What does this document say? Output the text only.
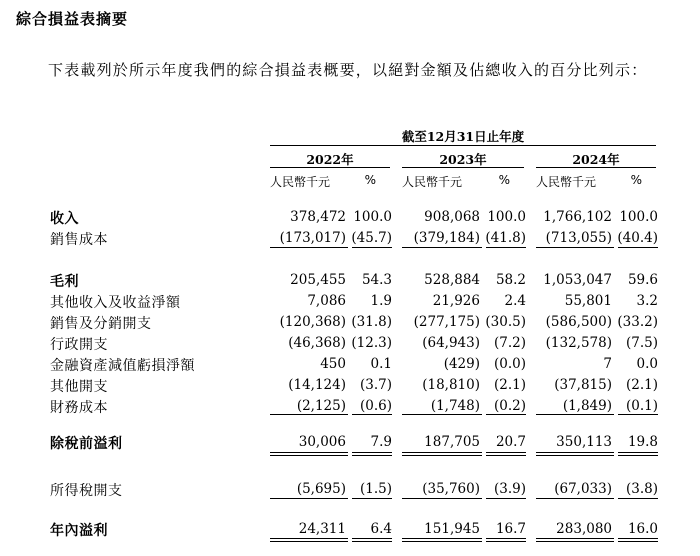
綜合損益表摘要
下表載列於所示年度我們的綜合損益表概要，以絕對金額及佔總收入的百分比列示：
截至12月31日止年度
2022年	2023年	2024年
人民幣千元	% 人民幣千元	% 人民幣千元	%
收入	378,472 100.0 908,068 100.0 1,766,102 100.0
銷售成本	(173,017) (45.7) (379,184) (41.8) (713,055) (40.4)
毛利	205,455 54.3 528,884 58.2 1,053,047 59.6
其他收入及收益淨額	7,086 1.9	21,926 2.4	55,801 3.2
銷售及分銷開支	(120,368) (31.8) (277,175) (30.5) (586,500) (33.2)
行政開支	(46,368) (12.3) (64,943) (7.2) (132,578) (7.5)
金融資產減值虧損淨額	450 0.1	(429) (0.0)	7 0.0
其他開支	(14,124) (3.7) (18,810) (2.1) (37,815) (2.1)
財務成本	(2,125) (0.6)	(1,748) (0.2)	(1,849) (0.1)
除稅前溢利	30,006 7.9 187,705 20.7 350,113 19.8
所得稅開支	(5,695) (1.5) (35,760) (3.9) (67,033) (3.8)
年內溢利	24,311 6.4 151,945 16.7 283,080 16.0
